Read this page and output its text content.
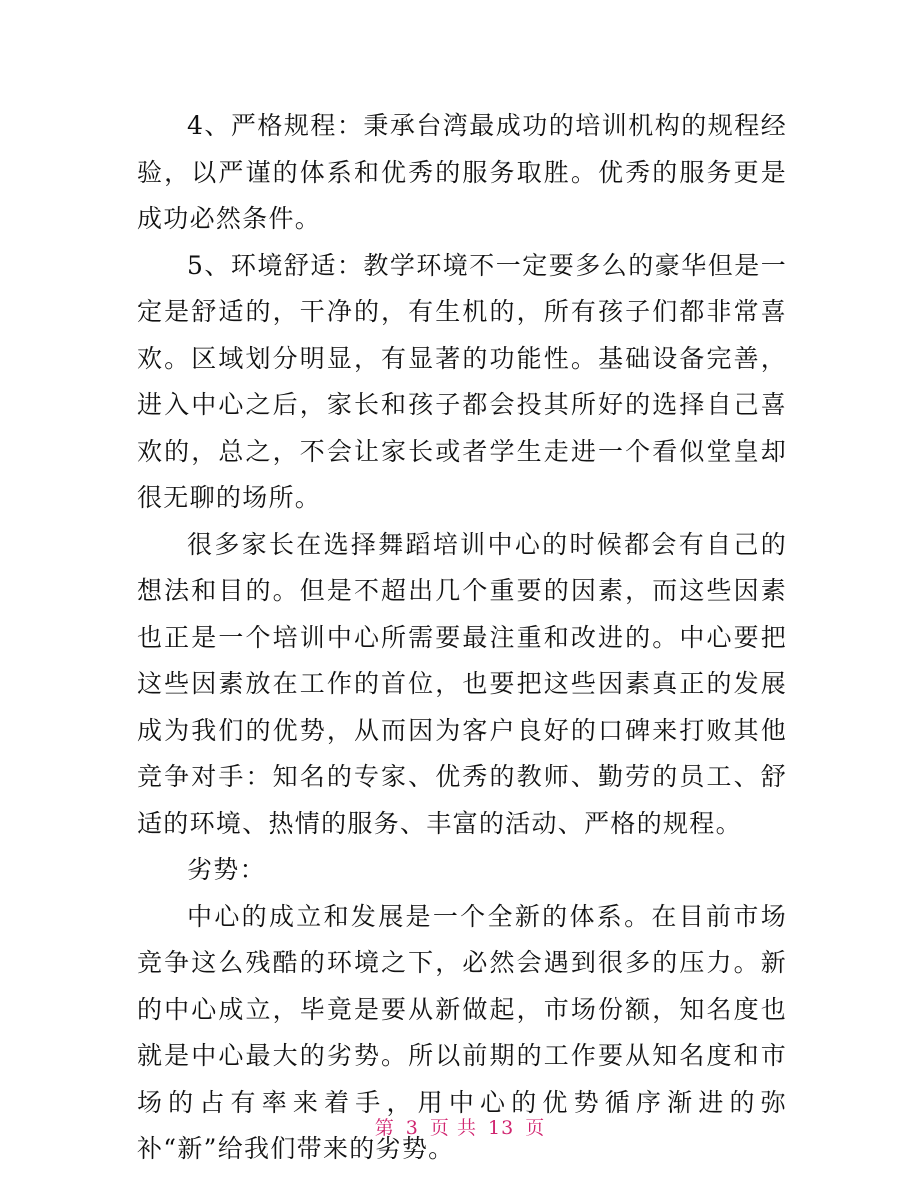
4、严格规程：秉承台湾最成功的培训机构的规程经验，以严谨的体系和优秀的服务取胜。优秀的服务更是成功必然条件。

5、环境舒适：教学环境不一定要多么的豪华但是一定是舒适的，干净的，有生机的，所有孩子们都非常喜欢。区域划分明显，有显著的功能性。基础设备完善，进入中心之后，家长和孩子都会投其所好的选择自己喜欢的，总之，不会让家长或者学生走进一个看似堂皇却很无聊的场所。

很多家长在选择舞蹈培训中心的时候都会有自己的想法和目的。但是不超出几个重要的因素，而这些因素也正是一个培训中心所需要最注重和改进的。中心要把这些因素放在工作的首位，也要把这些因素真正的发展成为我们的优势，从而因为客户良好的口碑来打败其他竞争对手：知名的专家、优秀的教师、勤劳的员工、舒适的环境、热情的服务、丰富的活动、严格的规程。

劣势：

中心的成立和发展是一个全新的体系。在目前市场竞争这么残酷的环境之下，必然会遇到很多的压力。新的中心成立，毕竟是要从新做起，市场份额，知名度也就是中心最大的劣势。所以前期的工作要从知名度和市场的占有率来着手，用中心的优势循序渐进的弥补“新”给我们带来的劣势。

第 3 页 共 13 页
